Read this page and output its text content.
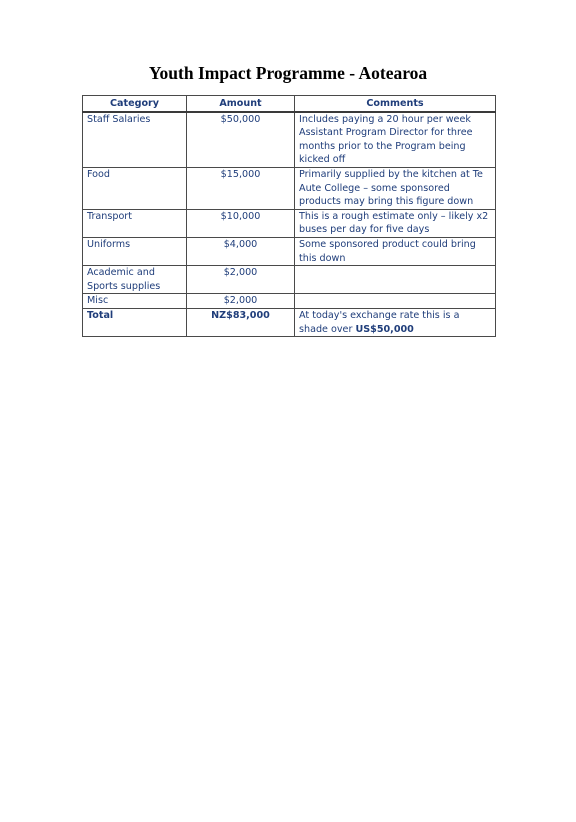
Youth Impact Programme - Aotearoa
Category	Amount	Comments
Staff Salaries	$50,000	Includes paying a 20 hour per week Assistant Program Director for three months prior to the Program being kicked off
Food	$15,000	Primarily supplied by the kitchen at Te Aute College – some sponsored products may bring this figure down
Transport	$10,000	This is a rough estimate only – likely x2 buses per day for five days
Uniforms	$4,000	Some sponsored product could bring this down
Academic and Sports supplies	$2,000	
Misc	$2,000	
Total	NZ$83,000	At today's exchange rate this is a shade over US$50,000
